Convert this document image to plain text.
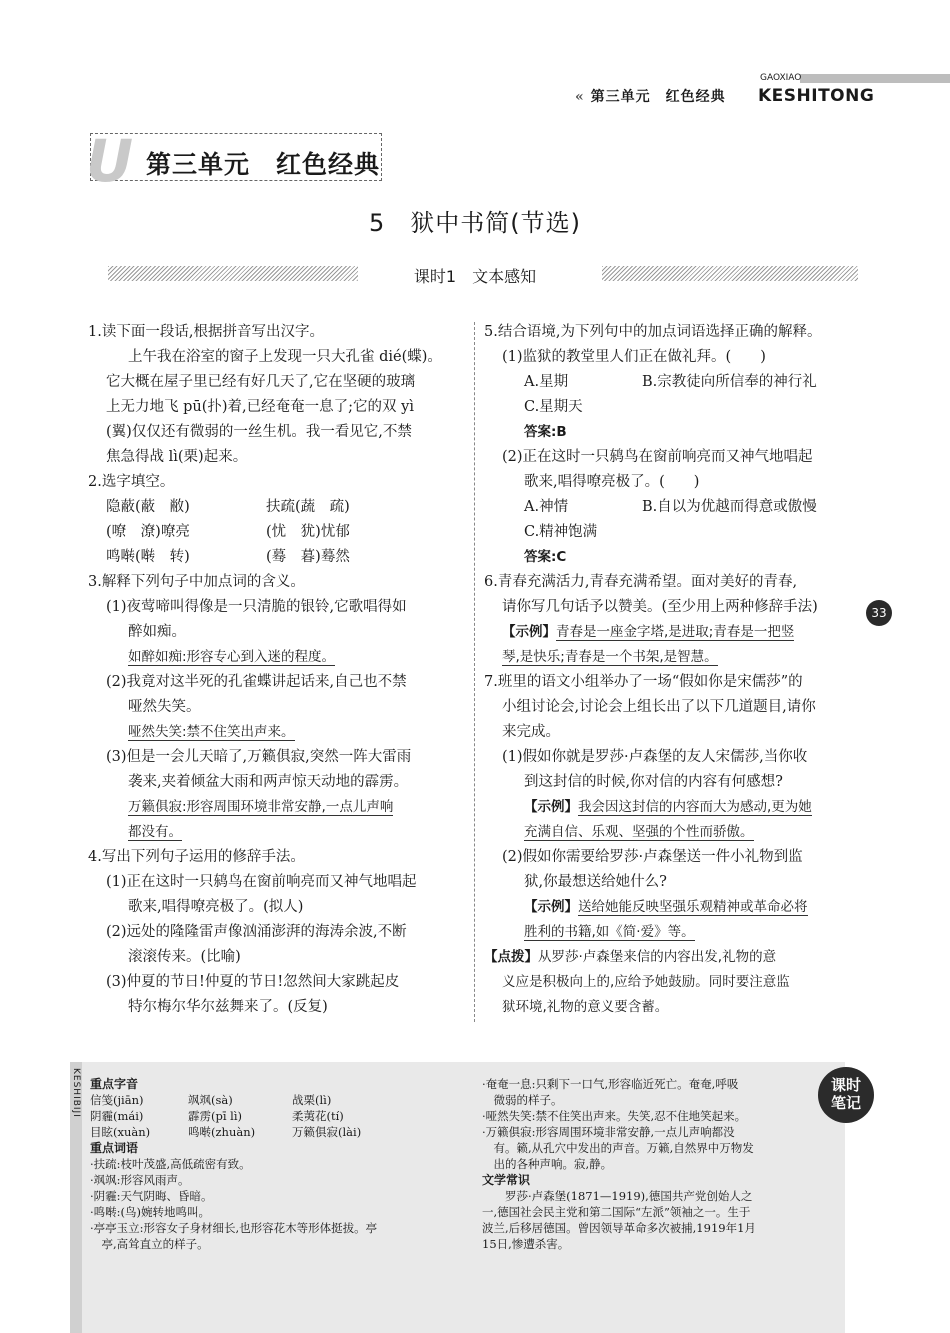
« 第三单元　红色经典
GAOXIAO
KESHITONG
U 第三单元　红色经典
5　狱中书简(节选)
课时1　文本感知

1.读下面一段话,根据拼音写出汉字。

上午我在浴室的窗子上发现一只大孔雀 dié(蝶)。

它大概在屋子里已经有好几天了,它在坚硬的玻璃

上无力地飞 pū(扑)着,已经奄奄一息了;它的双 yì

(翼)仅仅还有微弱的一丝生机。我一看见它,不禁

焦急得战 lì(栗)起来。

2.选字填空。

隐蔽(蔽　敝)	扶疏(蔬　疏)

(嘹　潦)嘹亮	(忧　犹)忧郁

鸣啭(啭　转)	(蓦　暮)蓦然

3.解释下列句子中加点词的含义。

(1)夜莺啼叫得像是一只清脆的银铃,它歌唱得如

醉如痴。

如醉如痴:形容专心到入迷的程度。

(2)我竟对这半死的孔雀蝶讲起话来,自己也不禁

哑然失笑。

哑然失笑:禁不住笑出声来。

(3)但是一会儿天暗了,万籁俱寂,突然一阵大雷雨

袭来,夹着倾盆大雨和两声惊天动地的霹雳。

万籁俱寂:形容周围环境非常安静,一点儿声响

都没有。

4.写出下列句子运用的修辞手法。

(1)正在这时一只鸫鸟在窗前响亮而又神气地唱起

歌来,唱得嘹亮极了。(拟人)

(2)远处的隆隆雷声像汹涌澎湃的海涛余波,不断

滚滚传来。(比喻)

(3)仲夏的节日!仲夏的节日!忽然间大家跳起皮

特尔梅尔华尔兹舞来了。(反复)

5.结合语境,为下列句中的加点词语选择正确的解释。

(1)监狱的教堂里人们正在做礼拜。(　　)

A.星期	B.宗教徒向所信奉的神行礼

C.星期天

答案:B

(2)正在这时一只鸫鸟在窗前响亮而又神气地唱起

歌来,唱得嘹亮极了。(　　)

A.神情	B.自以为优越而得意或傲慢

C.精神饱满

答案:C

6.青春充满活力,青春充满希望。面对美好的青春,

请你写几句话予以赞美。(至少用上两种修辞手法)

【示例】青春是一座金字塔,是进取;青春是一把竖

琴,是快乐;青春是一个书架,是智慧。

7.班里的语文小组举办了一场“假如你是宋儒莎”的

小组讨论会,讨论会上组长出了以下几道题目,请你

来完成。

(1)假如你就是罗莎·卢森堡的友人宋儒莎,当你收

到这封信的时候,你对信的内容有何感想?

【示例】我会因这封信的内容而大为感动,更为她

充满自信、乐观、坚强的个性而骄傲。

(2)假如你需要给罗莎·卢森堡送一件小礼物到监

狱,你最想送给她什么?

【示例】送给她能反映坚强乐观精神或革命必将

胜利的书籍,如《简·爱》等。

【点拨】从罗莎·卢森堡来信的内容出发,礼物的意

义应是积极向上的,应给予她鼓励。同时要注意监

狱环境,礼物的意义要含蓄。

33
KESHIBIJI	课时
笔记
重点字音
信笺(jiān)	飒飒(sà)	战栗(lì)
阴霾(mái)	霹雳(pī lì)	柔荑花(tí)
目眩(xuàn)	鸣啭(zhuàn)	万籁俱寂(lài)
重点词语
·扶疏:枝叶茂盛,高低疏密有致。
·飒飒:形容风雨声。
·阴霾:天气阴晦、昏暗。
·鸣啭:(鸟)婉转地鸣叫。
·亭亭玉立:形容女子身材细长,也形容花木等形体挺拔。亭
　亭,高耸直立的样子。
·奄奄一息:只剩下一口气,形容临近死亡。奄奄,呼吸
　微弱的样子。
·哑然失笑:禁不住笑出声来。失笑,忍不住地笑起来。
·万籁俱寂:形容周围环境非常安静,一点儿声响都没
　有。籁,从孔穴中发出的声音。万籁,自然界中万物发
　出的各种声响。寂,静。
文学常识
　　罗莎·卢森堡(1871—1919),德国共产党创始人之
一,德国社会民主党和第二国际“左派”领袖之一。生于
波兰,后移居德国。曾因领导革命多次被捕,1919年1月
15日,惨遭杀害。
